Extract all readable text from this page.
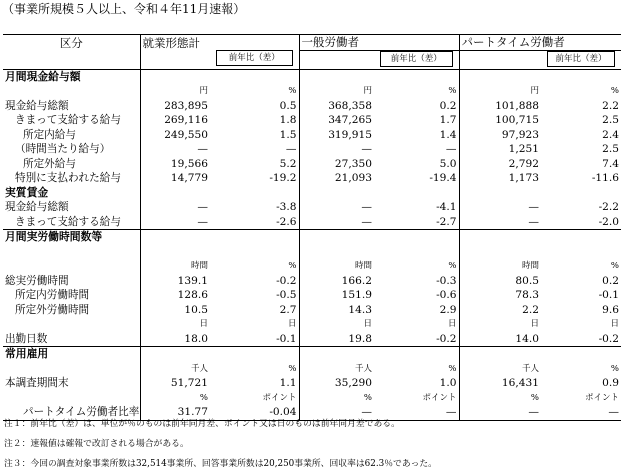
（事業所規模５人以上、令和４年11月速報）
区分	就業形態計		一般労働者		パートタイム労働者	

		前年比（差）		前年比（差）		前年比（差）

月間現金給与額						
	円	%	円	%	円	%
現金給与総額	283,895	0.5	368,358	0.2	101,888	2.2
きまって支給する給与	269,116	1.8	347,265	1.7	100,715	2.5
所定内給与	249,550	1.5	319,915	1.4	97,923	2.4
（時間当たり給与）	—	—	—	—	1,251	2.5
所定外給与	19,566	5.2	27,350	5.0	2,792	7.4
特別に支払われた給与	14,779	-19.2	21,093	-19.4	1,173	-11.6
実質賃金						
現金給与総額	—	-3.8	—	-4.1	—	-2.2
きまって支給する給与	—	-2.6	—	-2.7	—	-2.0
月間実労働時間数等						

	時間	%	時間	%	時間	%
総実労働時間	139.1	-0.2	166.2	-0.3	80.5	0.2
所定内労働時間	128.6	-0.5	151.9	-0.6	78.3	-0.1
所定外労働時間	10.5	2.7	14.3	2.9	2.2	9.6
	日	日	日	日	日	日
出勤日数	18.0	-0.1	19.8	-0.2	14.0	-0.2
常用雇用						
	千人	%	千人	%	千人	%
本調査期間末	51,721	1.1	35,290	1.0	16,431	0.9
	%	ポイント	%	ポイント	%	ポイント
パートタイム労働者比率	31.77	-0.04	—	—	—	—
注１：前年比（差）は、単位が％のものは前年同月差、ポイント又は日のものは前年同月差である。
注２：速報値は確報で改訂される場合がある。
注３：今回の調査対象事業所数は32,514事業所、回答事業所数は20,250事業所、回収率は62.3％であった。
